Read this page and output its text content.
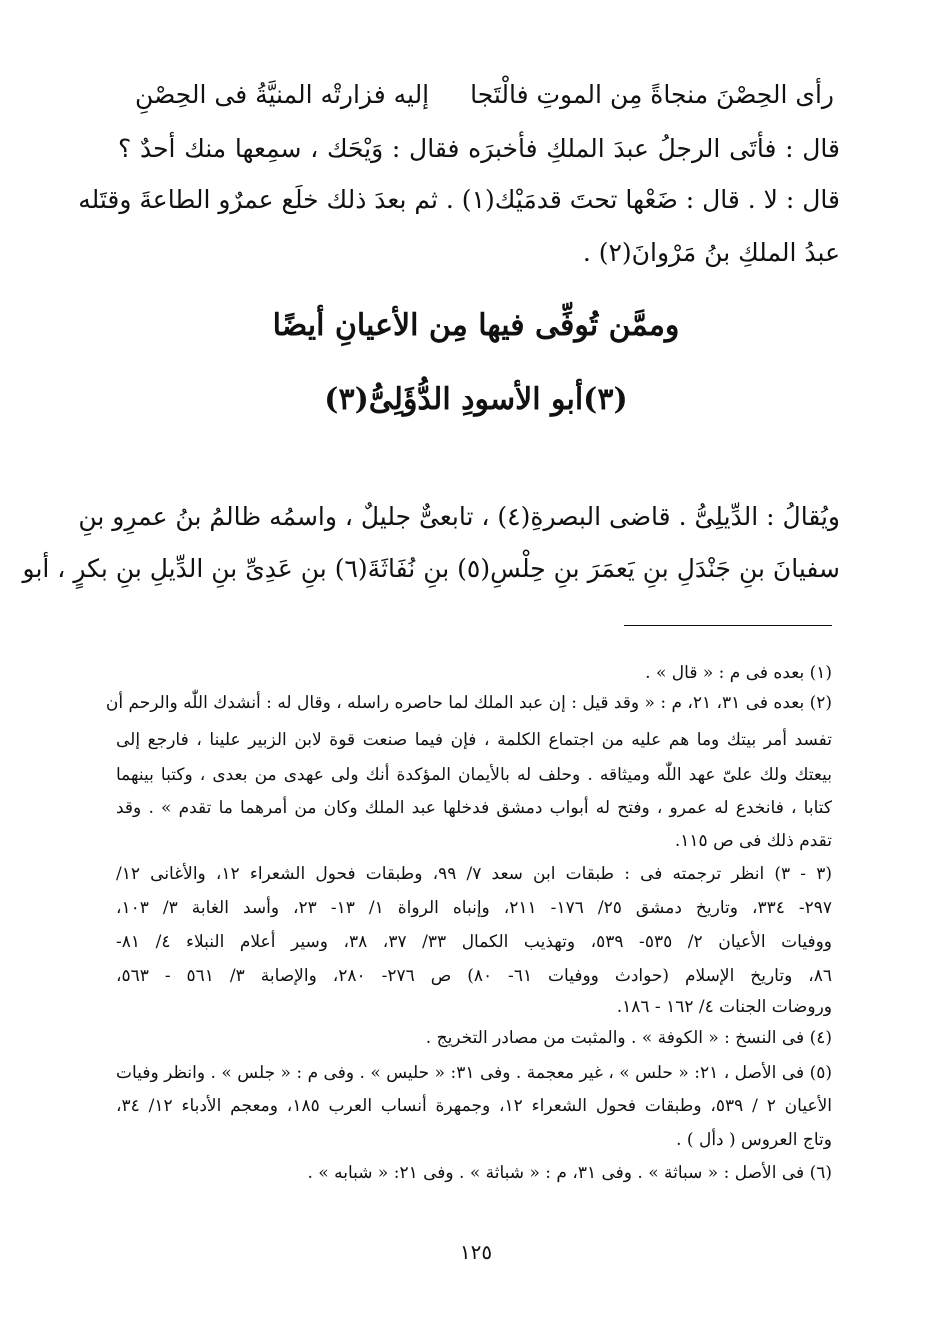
رأى الحِصْنَ منجاةً مِن الموتِ فالْتَجا
إليه فزارتْه المنيَّةُ فى الحِصْنِ
قال : فأتَى الرجلُ عبدَ الملكِ فأخبرَه فقال : وَيْحَك ، سمِعها منك أحدٌ ؟
قال : لا . قال : ضَعْها تحتَ قدمَيْك(١) . ثم بعدَ ذلك خلَع عمرٌو الطاعةَ وقتَله
عبدُ الملكِ بنُ مَرْوانَ(٢) .
وممَّن تُوفِّى فيها مِن الأعيانِ أيضًا
(٣)أبو الأسودِ الدُّؤَلِىُّ(٣)
ويُقالُ : الدِّيلِىُّ . قاضى البصرةِ(٤) ، تابعىٌّ جليلٌ ، واسمُه ظالمُ بنُ عمرِو بنِ
سفيانَ بنِ جَنْدَلِ بنِ يَعمَرَ بنِ حِلْسِ(٥) بنِ نُفَاثَةَ(٦) بنِ عَدِىِّ بنِ الدِّيلِ بنِ بكرٍ ، أبو
(١) بعده فى م : « قال » .
(٢) بعده فى ٣١، ٢١، م : « وقد قيل : إن عبد الملك لما حاصره راسله ، وقال له : أنشدك اللّٰه والرحم أن
تفسد أمر بيتك وما هم عليه من اجتماع الكلمة ، فإن فيما صنعت قوة لابن الزبير علينا ، فارجع إلى
بيعتك ولك علىّ عهد اللّٰه وميثاقه . وحلف له بالأيمان المؤكدة أنك ولى عهدى من بعدى ، وكتبا بينهما
كتابا ، فانخدع له عمرو ، وفتح له أبواب دمشق فدخلها عبد الملك وكان من أمرهما ما تقدم » . وقد
تقدم ذلك فى ص ١١٥.
(٣ - ٣) انظر ترجمته فى : طبقات ابن سعد ٧/ ٩٩، وطبقات فحول الشعراء ١٢، والأغانى ١٢/
٢٩٧- ٣٣٤، وتاريخ دمشق ٢٥/ ١٧٦- ٢١١، وإنباه الرواة ١/ ١٣- ٢٣، وأسد الغابة ٣/ ١٠٣،
ووفيات الأعيان ٢/ ٥٣٥- ٥٣٩، وتهذيب الكمال ٣٣/ ٣٧، ٣٨، وسير أعلام النبلاء ٤/ ٨١-
٨٦، وتاريخ الإسلام (حوادث ووفيات ٦١- ٨٠) ص ٢٧٦- ٢٨٠، والإصابة ٣/ ٥٦١ - ٥٦٣،
وروضات الجنات ٤/ ١٦٢ - ١٨٦.
(٤) فى النسخ : « الكوفة » . والمثبت من مصادر التخريج .
(٥) فى الأصل ، ٢١: « حلس » ، غير معجمة . وفى ٣١: « حليس » . وفى م : « جلس » . وانظر وفيات
الأعيان ٢ / ٥٣٩، وطبقات فحول الشعراء ١٢، وجمهرة أنساب العرب ١٨٥، ومعجم الأدباء ١٢/ ٣٤،
وتاج العروس ( دأل ) .
(٦) فى الأصل : « سباثة » . وفى ٣١، م : « شباثة » . وفى ٢١: « شبابه » .
١٢٥
